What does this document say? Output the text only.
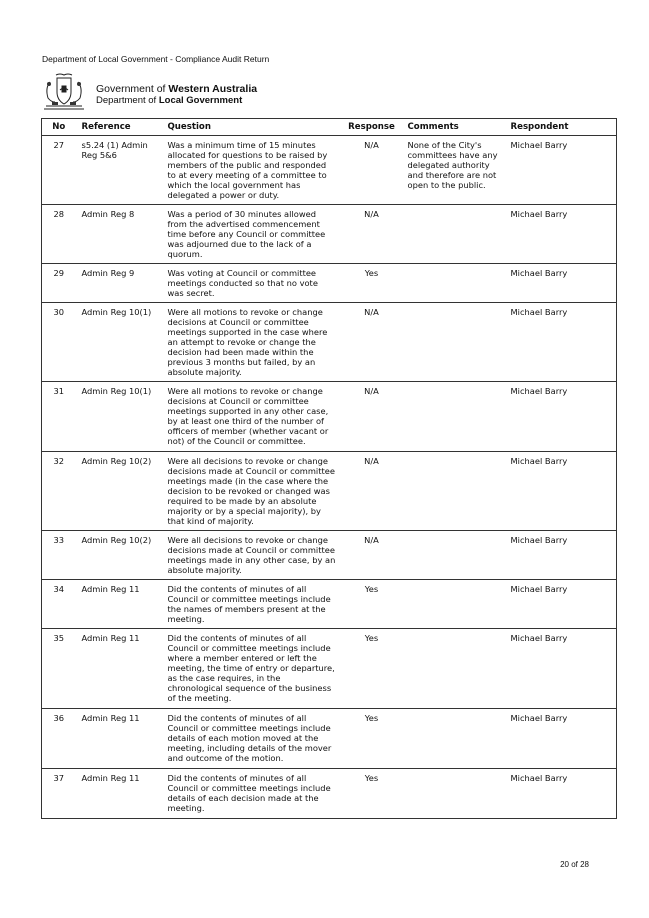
Department of Local Government - Compliance Audit Return
Government of Western Australia
Department of Local Government
No	Reference	Question	Response	Comments	Respondent
27	s5.24 (1) Admin Reg 5&6	Was a minimum time of 15 minutes allocated for questions to be raised by members of the public and responded to at every meeting of a committee to which the local government has delegated a power or duty.	N/A	None of the City's committees have any delegated authority and therefore are not open to the public.	Michael Barry
28	Admin Reg 8	Was a period of 30 minutes allowed from the advertised commencement time before any Council or committee was adjourned due to the lack of a quorum.	N/A		Michael Barry
29	Admin Reg 9	Was voting at Council or committee meetings conducted so that no vote was secret.	Yes		Michael Barry
30	Admin Reg 10(1)	Were all motions to revoke or change decisions at Council or committee meetings supported in the case where an attempt to revoke or change the decision had been made within the previous 3 months but failed, by an absolute majority.	N/A		Michael Barry
31	Admin Reg 10(1)	Were all motions to revoke or change decisions at Council or committee meetings supported in any other case, by at least one third of the number of officers of member (whether vacant or not) of the Council or committee.	N/A		Michael Barry
32	Admin Reg 10(2)	Were all decisions to revoke or change decisions made at Council or committee meetings made (in the case where the decision to be revoked or changed was required to be made by an absolute majority or by a special majority), by that kind of majority.	N/A		Michael Barry
33	Admin Reg 10(2)	Were all decisions to revoke or change decisions made at Council or committee meetings made in any other case, by an absolute majority.	N/A		Michael Barry
34	Admin Reg 11	Did the contents of minutes of all Council or committee meetings include the names of members present at the meeting.	Yes		Michael Barry
35	Admin Reg 11	Did the contents of minutes of all Council or committee meetings include where a member entered or left the meeting, the time of entry or departure, as the case requires, in the chronological sequence of the business of the meeting.	Yes		Michael Barry
36	Admin Reg 11	Did the contents of minutes of all Council or committee meetings include details of each motion moved at the meeting, including details of the mover and outcome of the motion.	Yes		Michael Barry
37	Admin Reg 11	Did the contents of minutes of all Council or committee meetings include details of each decision made at the meeting.	Yes		Michael Barry
20 of 28
